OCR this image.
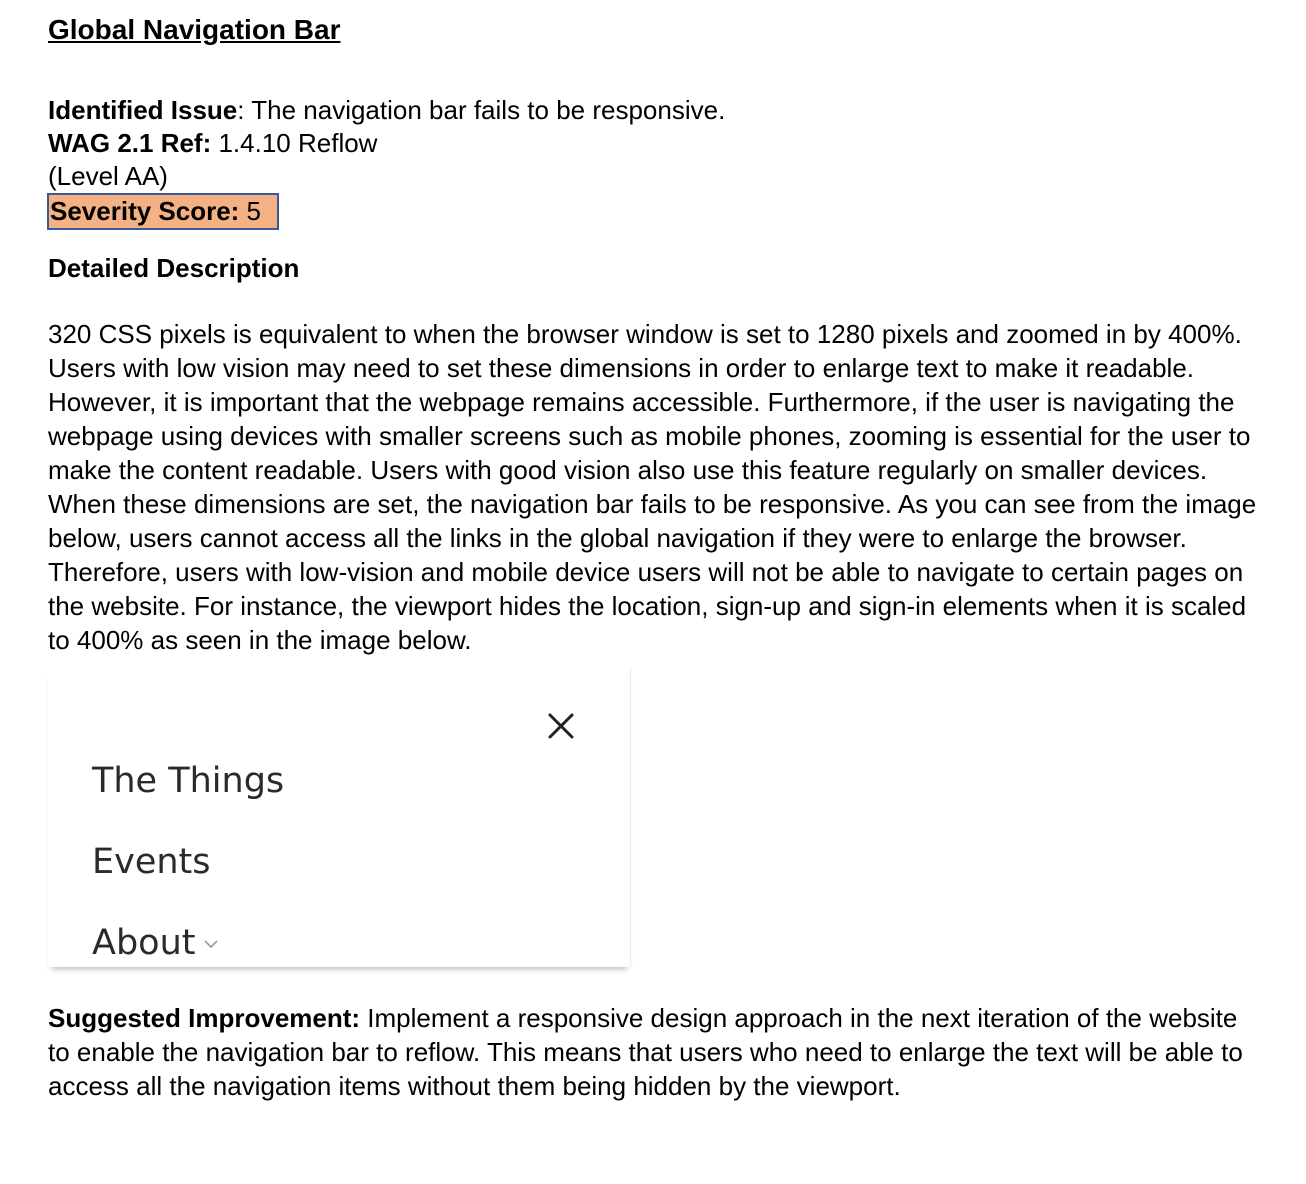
Global Navigation Bar
Identified Issue: The navigation bar fails to be responsive.
WAG 2.1 Ref: 1.4.10 Reflow
(Level AA)
Severity Score: 5
Detailed Description

320 CSS pixels is equivalent to when the browser window is set to 1280 pixels and zoomed in by 400%. Users with low vision may need to set these dimensions in order to enlarge text to make it readable. However, it is important that the webpage remains accessible. Furthermore, if the user is navigating the webpage using devices with smaller screens such as mobile phones, zooming is essential for the user to make the content readable. Users with good vision also use this feature regularly on smaller devices. When these dimensions are set, the navigation bar fails to be responsive. As you can see from the image below, users cannot access all the links in the global navigation if they were to enlarge the browser. Therefore, users with low-vision and mobile device users will not be able to navigate to certain pages on the website. For instance, the viewport hides the location, sign-up and sign-in elements when it is scaled to 400% as seen in the image below.

The Things
Events
About

Suggested Improvement: Implement a responsive design approach in the next iteration of the website to enable the navigation bar to reflow. This means that users who need to enlarge the text will be able to access all the navigation items without them being hidden by the viewport.
